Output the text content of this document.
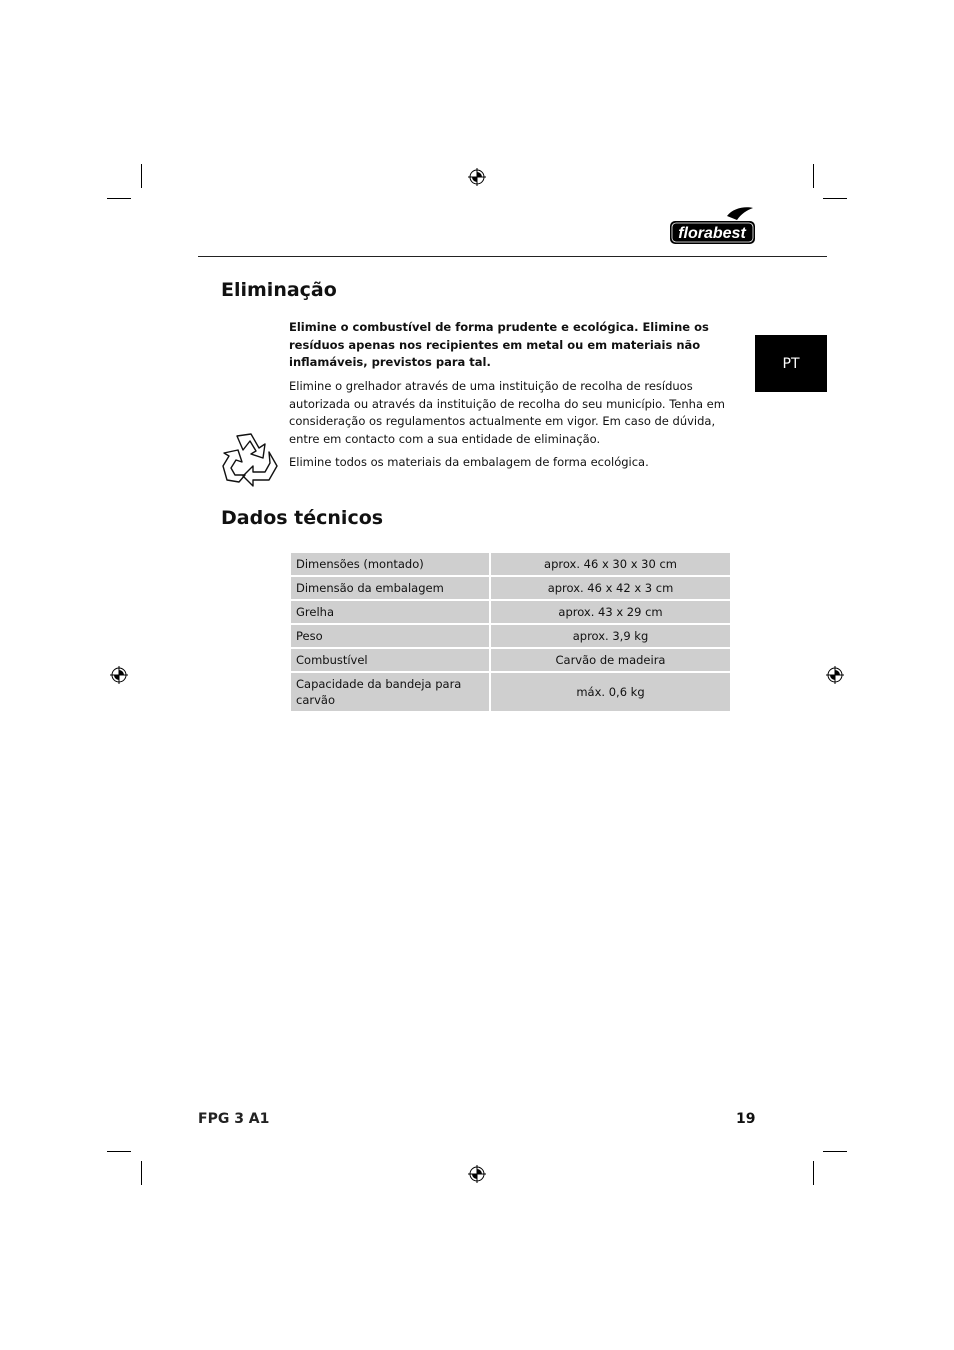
florabest
PT
Eliminação

Elimine o combustível de forma prudente e ecológica. Elimine os resíduos apenas nos recipientes em metal ou em materiais não inflamáveis, previstos para tal.

Elimine o grelhador através de uma instituição de recolha de resíduos autorizada ou através da instituição de recolha do seu município. Tenha em consideração os regulamentos actualmente em vigor. Em caso de dúvida, entre em contacto com a sua entidade de eliminação.

Elimine todos os materiais da embalagem de forma ecológica.

Dados técnicos
Dimensões (montado)	aprox. 46 x 30 x 30 cm
Dimensão da embalagem	aprox. 46 x 42 x 3 cm
Grelha	aprox. 43 x 29 cm
Peso	aprox. 3,9 kg
Combustível	Carvão de madeira
Capacidade da bandeja para carvão	máx. 0,6 kg
FPG 3 A1	19
